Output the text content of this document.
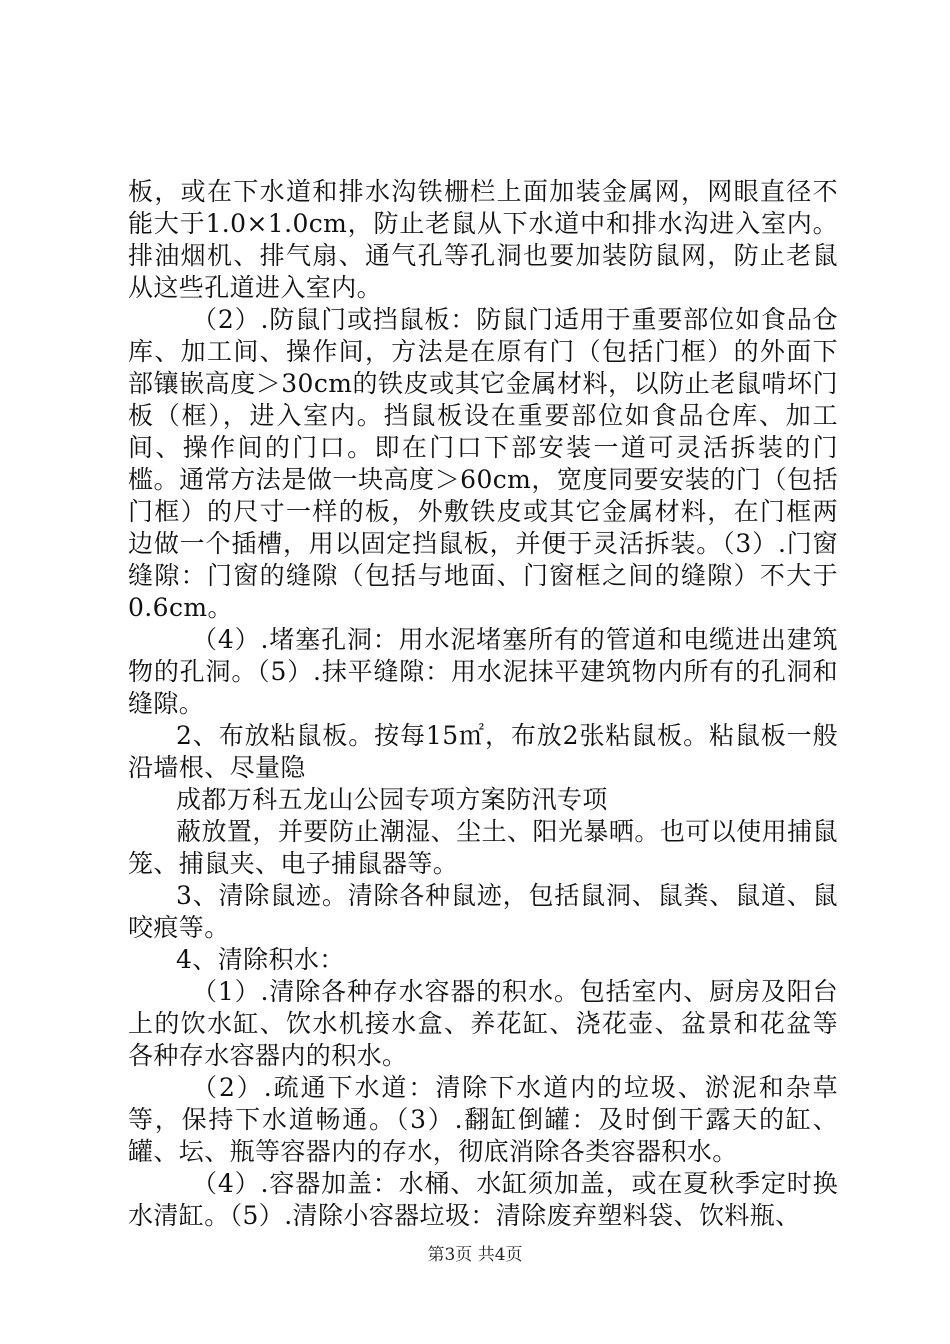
板，或在下水道和排水沟铁栅栏上面加装金属网，网眼直径不能大于1.0×1.0cm，防止老鼠从下水道中和排水沟进入室内。排油烟机、排气扇、通气孔等孔洞也要加装防鼠网，防止老鼠从这些孔道进入室内。

（2）.防鼠门或挡鼠板：防鼠门适用于重要部位如食品仓库、加工间、操作间，方法是在原有门（包括门框）的外面下部镶嵌高度＞30cm的铁皮或其它金属材料，以防止老鼠啃坏门板（框），进入室内。挡鼠板设在重要部位如食品仓库、加工间、操作间的门口。即在门口下部安装一道可灵活拆装的门槛。通常方法是做一块高度＞60cm，宽度同要安装的门（包括门框）的尺寸一样的板，外敷铁皮或其它金属材料，在门框两边做一个插槽，用以固定挡鼠板，并便于灵活拆装。（3）.门窗缝隙：门窗的缝隙（包括与地面、门窗框之间的缝隙）不大于0.6cm。

（4）.堵塞孔洞：用水泥堵塞所有的管道和电缆进出建筑物的孔洞。（5）.抹平缝隙：用水泥抹平建筑物内所有的孔洞和缝隙。

2、布放粘鼠板。按每15㎡，布放2张粘鼠板。粘鼠板一般沿墙根、尽量隐

成都万科五龙山公园专项方案防汛专项

蔽放置，并要防止潮湿、尘土、阳光暴晒。也可以使用捕鼠笼、捕鼠夹、电子捕鼠器等。

3、清除鼠迹。清除各种鼠迹，包括鼠洞、鼠粪、鼠道、鼠咬痕等。

4、清除积水：

（1）.清除各种存水容器的积水。包括室内、厨房及阳台上的饮水缸、饮水机接水盒、养花缸、浇花壶、盆景和花盆等各种存水容器内的积水。

（2）.疏通下水道：清除下水道内的垃圾、淤泥和杂草等，保持下水道畅通。（3）.翻缸倒罐：及时倒干露天的缸、罐、坛、瓶等容器内的存水，彻底消除各类容器积水。

（4）.容器加盖：水桶、水缸须加盖，或在夏秋季定时换水清缸。（5）.清除小容器垃圾：清除废弃塑料袋、饮料瓶、

第3页 共4页
